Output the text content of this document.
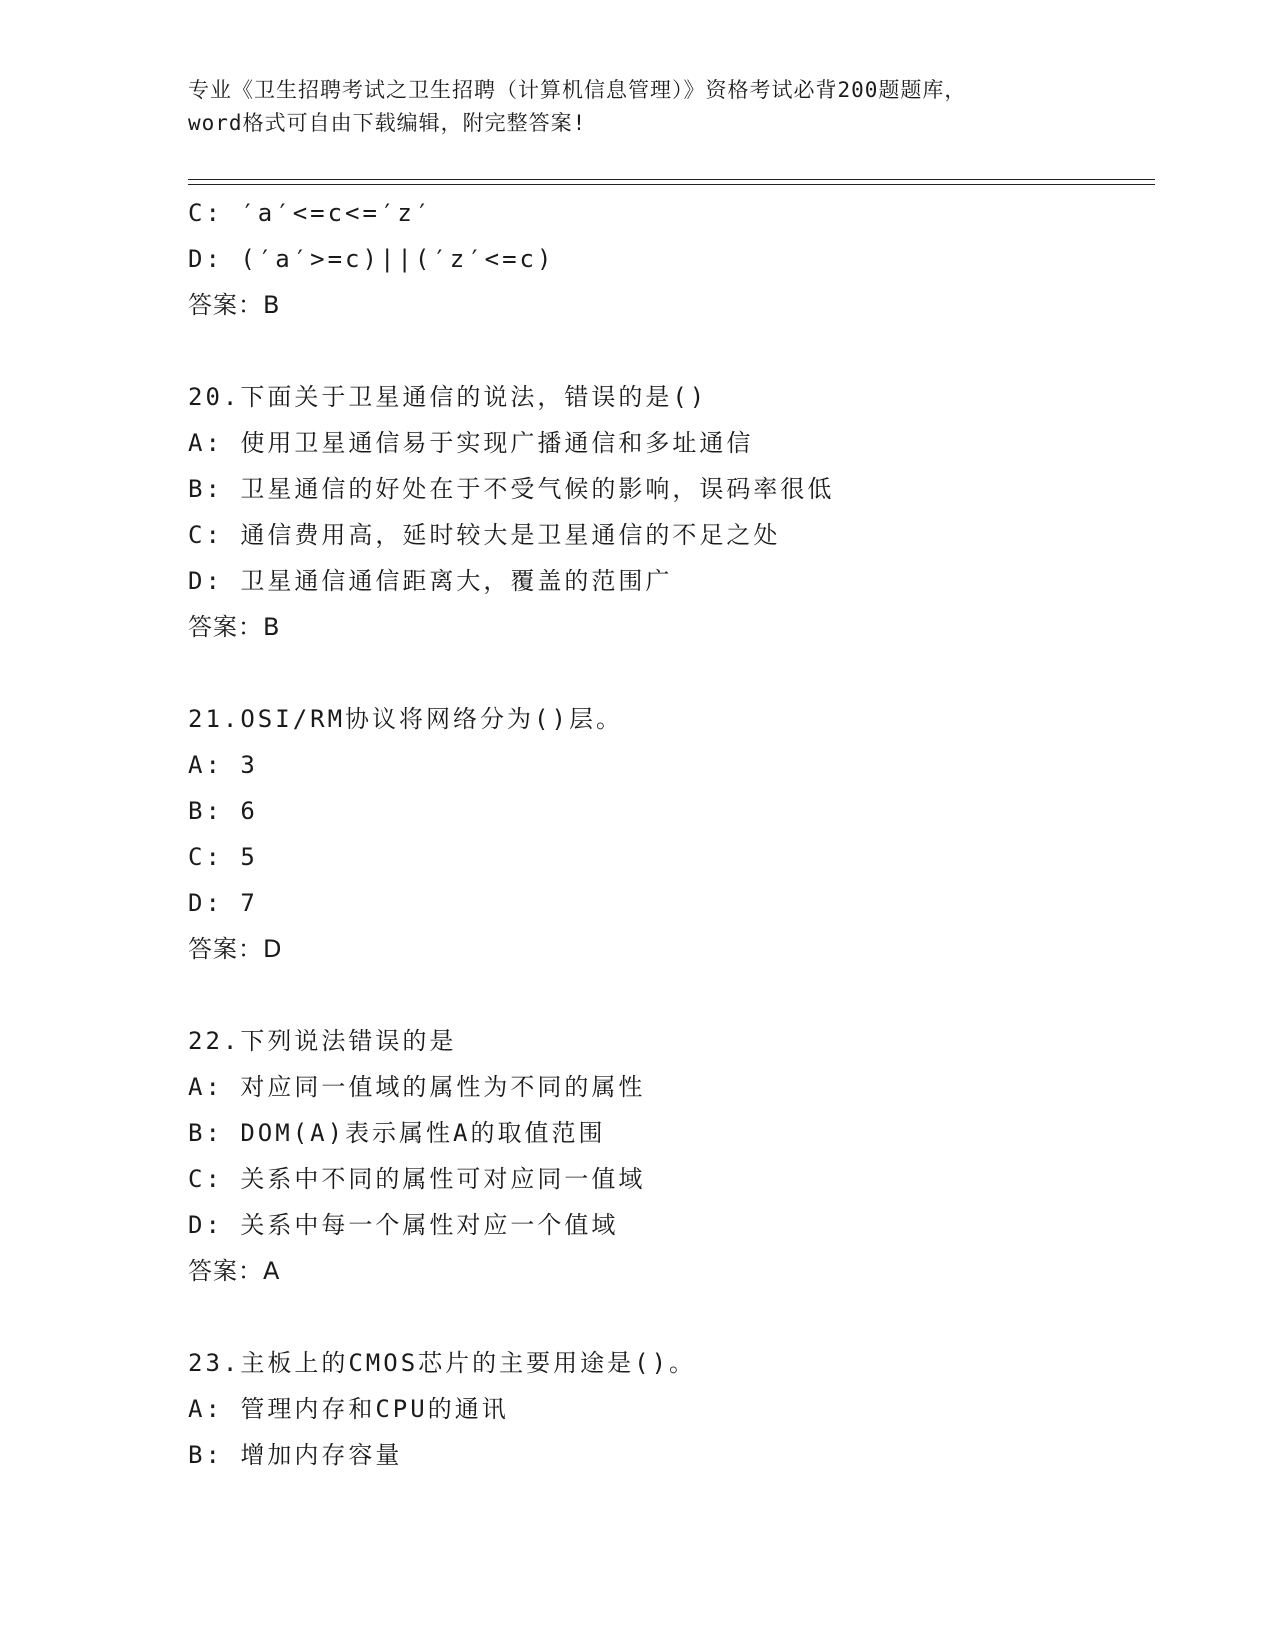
专业《卫生招聘考试之卫生招聘（计算机信息管理）》资格考试必背200题题库，
word格式可自由下载编辑，附完整答案!
C: ′a′<=c<=′z′
D: (′a′>=c)||(′z′<=c)
答案：B
20.下面关于卫星通信的说法，错误的是()
A: 使用卫星通信易于实现广播通信和多址通信
B: 卫星通信的好处在于不受气候的影响，误码率很低
C: 通信费用高，延时较大是卫星通信的不足之处
D: 卫星通信通信距离大，覆盖的范围广
答案：B
21.OSI/RM协议将网络分为()层。
A: 3
B: 6
C: 5
D: 7
答案：D
22.下列说法错误的是
A: 对应同一值域的属性为不同的属性
B: DOM(A)表示属性A的取值范围
C: 关系中不同的属性可对应同一值域
D: 关系中每一个属性对应一个值域
答案：A
23.主板上的CMOS芯片的主要用途是()。
A: 管理内存和CPU的通讯
B: 增加内存容量
